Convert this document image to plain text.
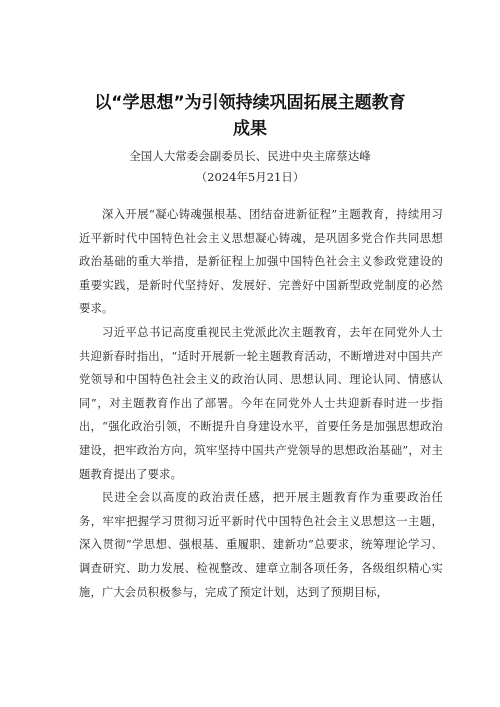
以“学思想”为引领持续巩固拓展主题教育
成果
全国人大常委会副委员长、民进中央主席蔡达峰
（2024年5月21日）

深入开展“凝心铸魂强根基、团结奋进新征程”主题教育，持续用习近平新时代中国特色社会主义思想凝心铸魂，是巩固多党合作共同思想政治基础的重大举措，是新征程上加强中国特色社会主义参政党建设的重要实践，是新时代坚持好、发展好、完善好中国新型政党制度的必然要求。

习近平总书记高度重视民主党派此次主题教育，去年在同党外人士共迎新春时指出，“适时开展新一轮主题教育活动，不断增进对中国共产党领导和中国特色社会主义的政治认同、思想认同、理论认同、情感认同”，对主题教育作出了部署。今年在同党外人士共迎新春时进一步指出，“强化政治引领，不断提升自身建设水平，首要任务是加强思想政治建设，把牢政治方向，筑牢坚持中国共产党领导的思想政治基础”，对主题教育提出了要求。

民进全会以高度的政治责任感，把开展主题教育作为重要政治任务，牢牢把握学习贯彻习近平新时代中国特色社会主义思想这一主题，深入贯彻“学思想、强根基、重履职、建新功”总要求，统筹理论学习、调查研究、助力发展、检视整改、建章立制各项任务，各级组织精心实施，广大会员积极参与，完成了预定计划，达到了预期目标，
